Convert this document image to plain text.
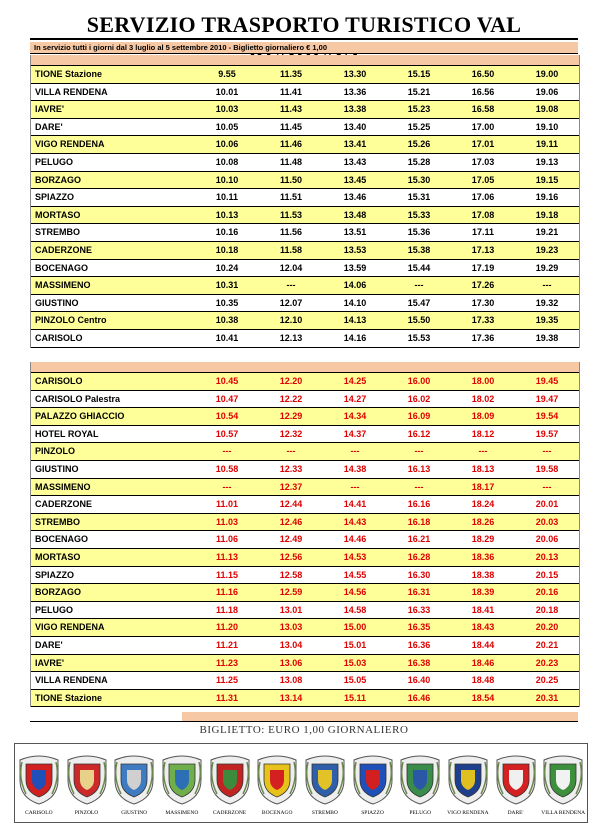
SERVIZIO TRASPORTO TURISTICO VAL
In servizio tutti i giorni dal 3 luglio al 5 settembre 2010 - Biglietto giornaliero € 1,00
TIONE Stazione	9.55	11.35	13.30	15.15	16.50	19.00
VILLA RENDENA	10.01	11.41	13.36	15.21	16.56	19.06
IAVRE'	10.03	11.43	13.38	15.23	16.58	19.08
DARE'	10.05	11.45	13.40	15.25	17.00	19.10
VIGO RENDENA	10.06	11.46	13.41	15.26	17.01	19.11
PELUGO	10.08	11.48	13.43	15.28	17.03	19.13
BORZAGO	10.10	11.50	13.45	15.30	17.05	19.15
SPIAZZO	10.11	11.51	13.46	15.31	17.06	19.16
MORTASO	10.13	11.53	13.48	15.33	17.08	19.18
STREMBO	10.16	11.56	13.51	15.36	17.11	19.21
CADERZONE	10.18	11.58	13.53	15.38	17.13	19.23
BOCENAGO	10.24	12.04	13.59	15.44	17.19	19.29
MASSIMENO	10.31	---	14.06	---	17.26	---
GIUSTINO	10.35	12.07	14.10	15.47	17.30	19.32
PINZOLO Centro	10.38	12.10	14.13	15.50	17.33	19.35
CARISOLO	10.41	12.13	14.16	15.53	17.36	19.38
CARISOLO	10.45	12.20	14.25	16.00	18.00	19.45
CARISOLO Palestra	10.47	12.22	14.27	16.02	18.02	19.47
PALAZZO GHIACCIO	10.54	12.29	14.34	16.09	18.09	19.54
HOTEL ROYAL	10.57	12.32	14.37	16.12	18.12	19.57
PINZOLO	---	---	---	---	---	---
GIUSTINO	10.58	12.33	14.38	16.13	18.13	19.58
MASSIMENO	---	12.37	---	---	18.17	---
CADERZONE	11.01	12.44	14.41	16.16	18.24	20.01
STREMBO	11.03	12.46	14.43	16.18	18.26	20.03
BOCENAGO	11.06	12.49	14.46	16.21	18.29	20.06
MORTASO	11.13	12.56	14.53	16.28	18.36	20.13
SPIAZZO	11.15	12.58	14.55	16.30	18.38	20.15
BORZAGO	11.16	12.59	14.56	16.31	18.39	20.16
PELUGO	11.18	13.01	14.58	16.33	18.41	20.18
VIGO RENDENA	11.20	13.03	15.00	16.35	18.43	20.20
DARE'	11.21	13.04	15.01	16.36	18.44	20.21
IAVRE'	11.23	13.06	15.03	16.38	18.46	20.23
VILLA RENDENA	11.25	13.08	15.05	16.40	18.48	20.25
TIONE Stazione	11.31	13.14	15.11	16.46	18.54	20.31
BIGLIETTO: EURO 1,00 GIORNALIERO
CARISOLO	PINZOLO	GIUSTINO	MASSIMENO	CADERZONE	BOCENAGO	STREMBO	SPIAZZO	PELUGO	VIGO RENDENA	DARE'	VILLA RENDENA
